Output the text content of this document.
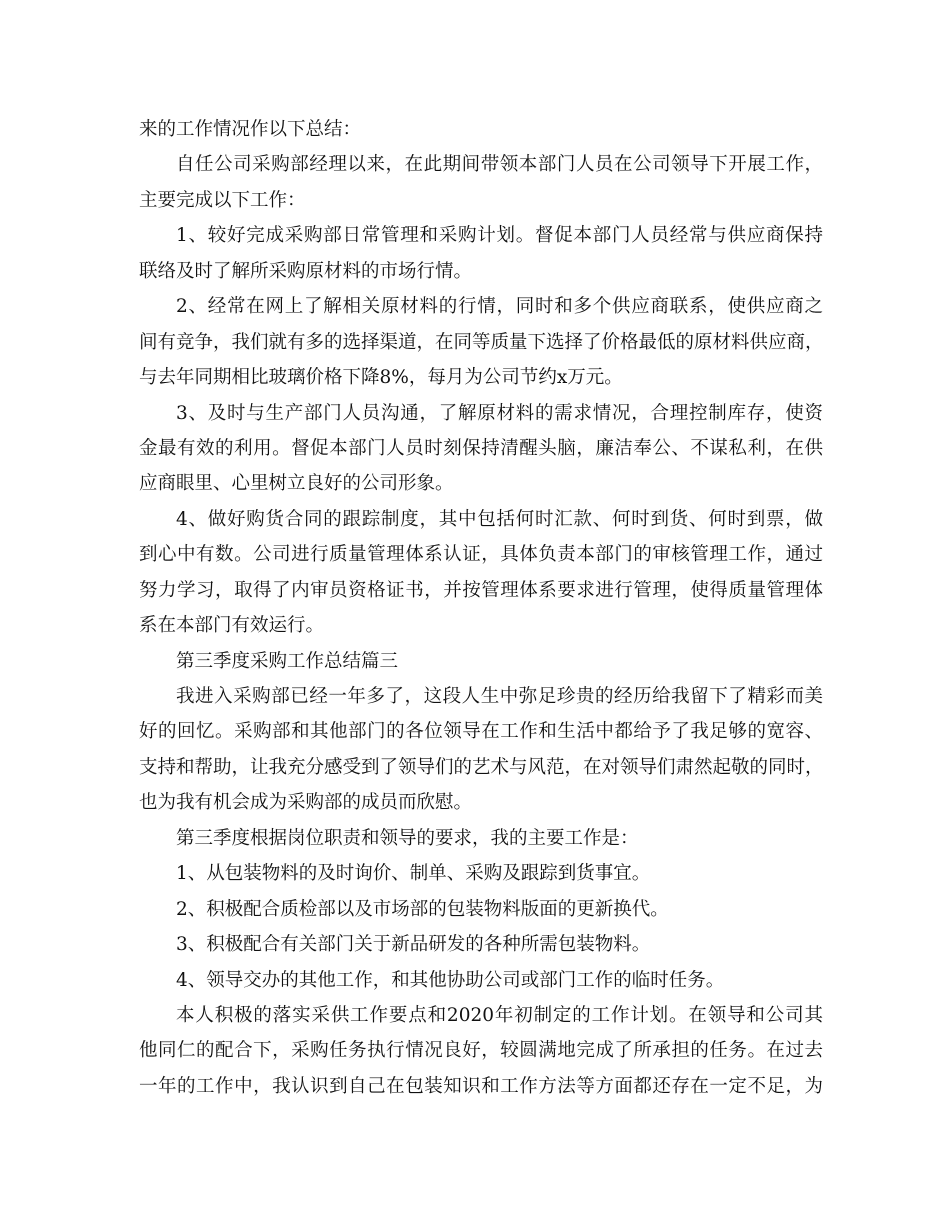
来的工作情况作以下总结：
自任公司采购部经理以来，在此期间带领本部门人员在公司领导下开展工作，
主要完成以下工作：
1、较好完成采购部日常管理和采购计划。督促本部门人员经常与供应商保持
联络及时了解所采购原材料的市场行情。
2、经常在网上了解相关原材料的行情，同时和多个供应商联系，使供应商之
间有竞争，我们就有多的选择渠道，在同等质量下选择了价格最低的原材料供应商，
与去年同期相比玻璃价格下降8%，每月为公司节约x万元。
3、及时与生产部门人员沟通，了解原材料的需求情况，合理控制库存，使资
金最有效的利用。督促本部门人员时刻保持清醒头脑，廉洁奉公、不谋私利，在供
应商眼里、心里树立良好的公司形象。
4、做好购货合同的跟踪制度，其中包括何时汇款、何时到货、何时到票，做
到心中有数。公司进行质量管理体系认证，具体负责本部门的审核管理工作，通过
努力学习，取得了内审员资格证书，并按管理体系要求进行管理，使得质量管理体
系在本部门有效运行。
第三季度采购工作总结篇三
我进入采购部已经一年多了，这段人生中弥足珍贵的经历给我留下了精彩而美
好的回忆。采购部和其他部门的各位领导在工作和生活中都给予了我足够的宽容、
支持和帮助，让我充分感受到了领导们的艺术与风范，在对领导们肃然起敬的同时，
也为我有机会成为采购部的成员而欣慰。
第三季度根据岗位职责和领导的要求，我的主要工作是：
1、从包装物料的及时询价、制单、采购及跟踪到货事宜。
2、积极配合质检部以及市场部的包装物料版面的更新换代。
3、积极配合有关部门关于新品研发的各种所需包装物料。
4、领导交办的其他工作，和其他协助公司或部门工作的临时任务。
本人积极的落实采供工作要点和2020年初制定的工作计划。在领导和公司其
他同仁的配合下，采购任务执行情况良好，较圆满地完成了所承担的任务。在过去
一年的工作中，我认识到自己在包装知识和工作方法等方面都还存在一定不足，为
